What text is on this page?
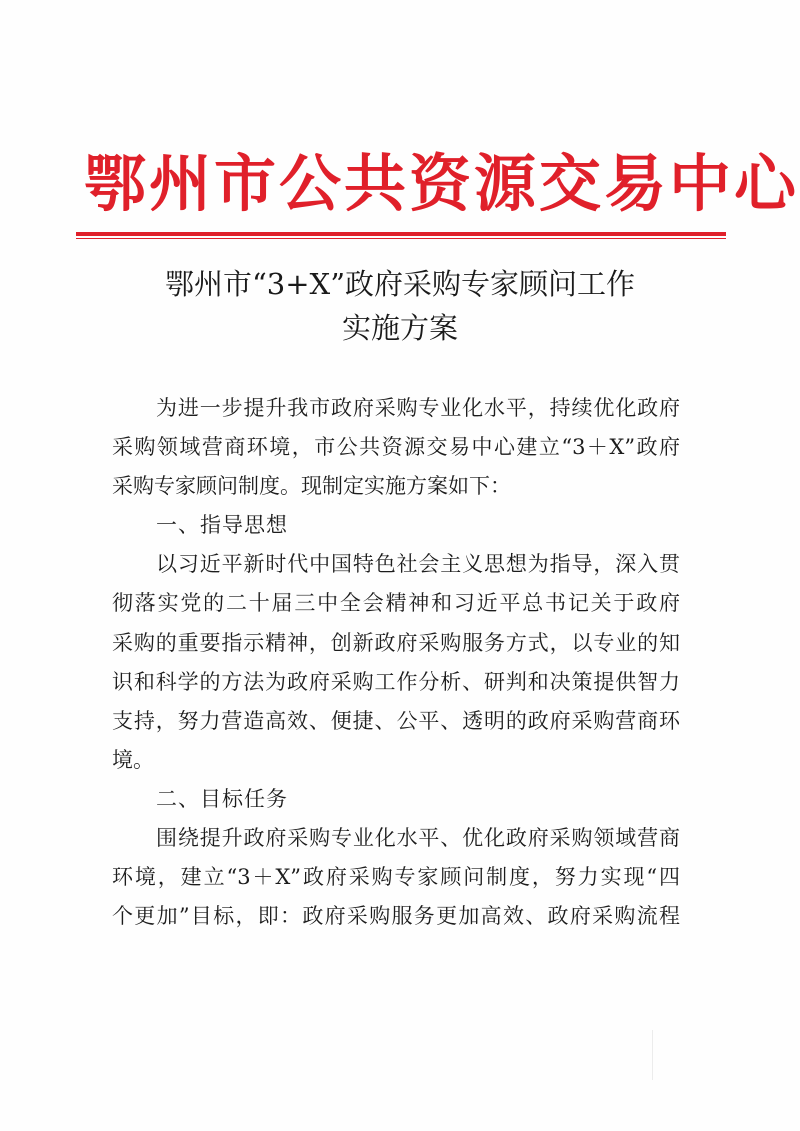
鄂州市公共资源交易中心
鄂州市“3+X”政府采购专家顾问工作
实施方案
为进一步提升我市政府采购专业化水平，持续优化政府
采购领域营商环境，市公共资源交易中心建立“3＋X”政府
采购专家顾问制度。现制定实施方案如下：
一、指导思想
以习近平新时代中国特色社会主义思想为指导，深入贯
彻落实党的二十届三中全会精神和习近平总书记关于政府
采购的重要指示精神，创新政府采购服务方式，以专业的知
识和科学的方法为政府采购工作分析、研判和决策提供智力
支持，努力营造高效、便捷、公平、透明的政府采购营商环
境。
二、目标任务
围绕提升政府采购专业化水平、优化政府采购领域营商
环境，建立“3＋X”政府采购专家顾问制度，努力实现“四
个更加”目标，即：政府采购服务更加高效、政府采购流程
